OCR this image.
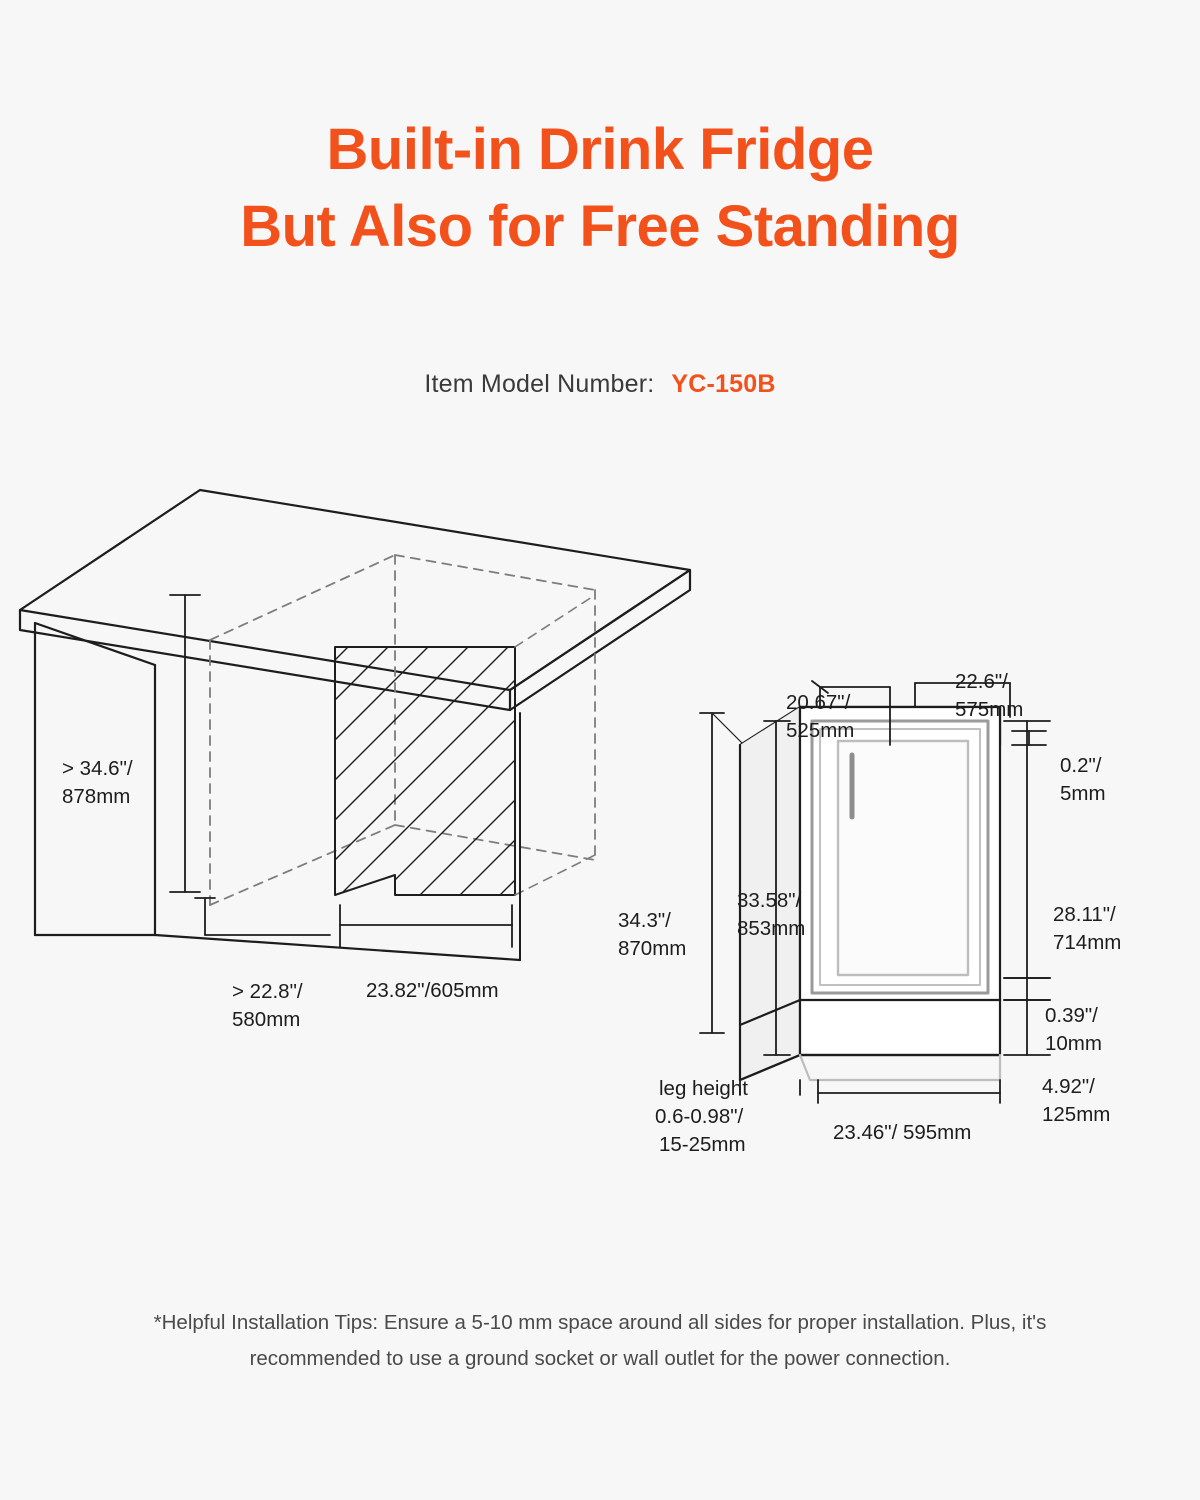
Built-in Drink Fridge
But Also for Free Standing
Item Model Number: YC-150B
> 34.6"/
878mm
> 22.8"/
580mm
23.82"/605mm
20.67"/
525mm
22.6"/
575mm
0.2"/
5mm
28.11"/
714mm
0.39"/
10mm
4.92"/
125mm
34.3"/
870mm
33.58"/
853mm
leg height
0.6-0.98"/
15-25mm
23.46"/ 595mm
*Helpful Installation Tips: Ensure a 5-10 mm space around all sides for proper installation. Plus, it's recommended to use a ground socket or wall outlet for the power connection.
